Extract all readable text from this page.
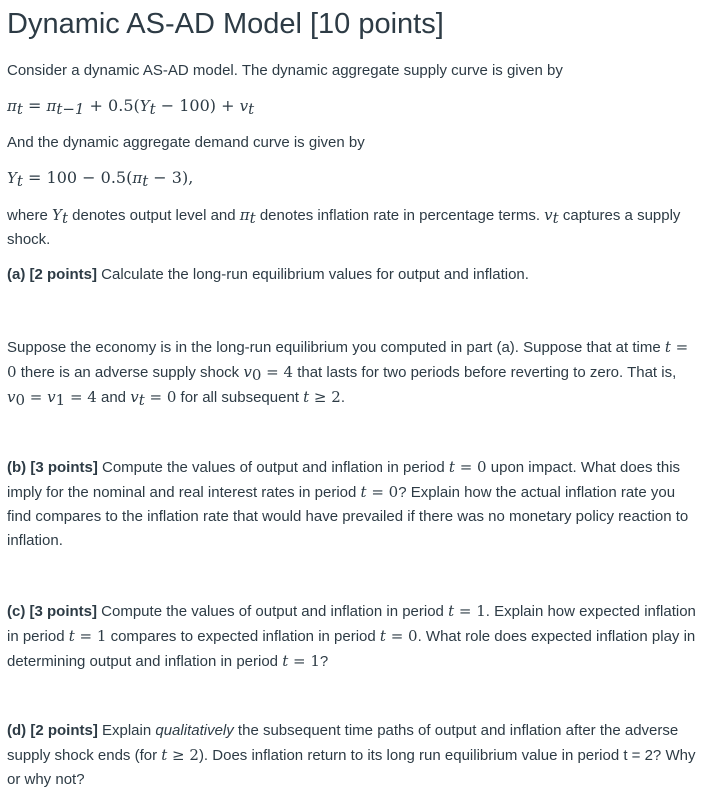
Dynamic AS-AD Model [10 points]

Consider a dynamic AS-AD model. The dynamic aggregate supply curve is given by

$\pi_t = \pi_{t-1} + 0.5(Y_t - 100) + v_t$

And the dynamic aggregate demand curve is given by

$Y_t = 100 - 0.5(\pi_t - 3)$,

where $Y_t$ denotes output level and $\pi_t$ denotes inflation rate in percentage terms. $v_t$ captures a supply shock.

(a) [2 points] Calculate the long-run equilibrium values for output and inflation.

Suppose the economy is in the long-run equilibrium you computed in part (a). Suppose that at time t = 0 there is an adverse supply shock $v_0 = 4$ that lasts for two periods before reverting to zero. That is, $v_0 = v_1 = 4$ and $v_t = 0$ for all subsequent t ≥ 2.

(b) [3 points] Compute the values of output and inflation in period t = 0 upon impact. What does this imply for the nominal and real interest rates in period t = 0? Explain how the actual inflation rate you find compares to the inflation rate that would have prevailed if there was no monetary policy reaction to inflation.

(c) [3 points] Compute the values of output and inflation in period t = 1. Explain how expected inflation in period t = 1 compares to expected inflation in period t = 0. What role does expected inflation play in determining output and inflation in period t = 1?

(d) [2 points] Explain qualitatively the subsequent time paths of output and inflation after the adverse supply shock ends (for t ≥ 2). Does inflation return to its long run equilibrium value in period t = 2? Why or why not?
